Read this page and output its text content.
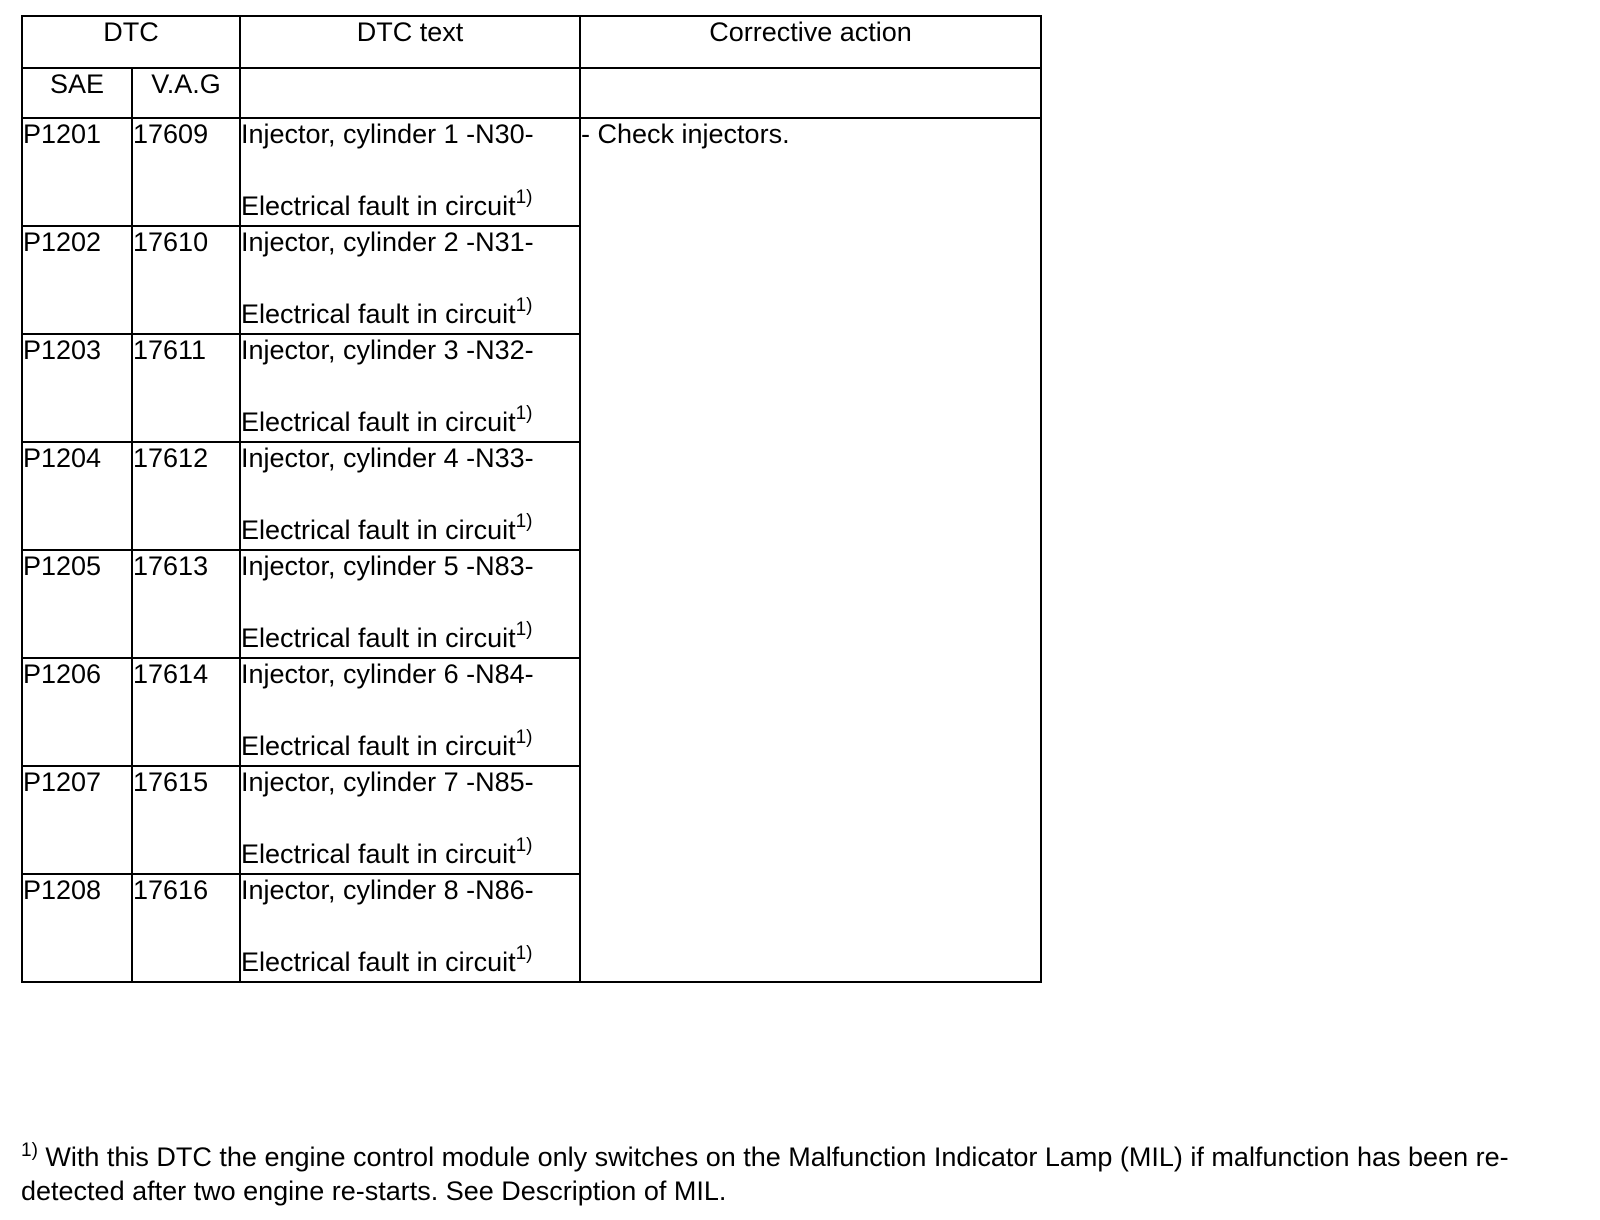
DTC		DTC text	Corrective action
SAE	V.A.G		
P1201	17609	Injector, cylinder 1 -N30-
Electrical fault in circuit$^{1)}$	- Check injectors.
P1202	17610	Injector, cylinder 2 -N31-
Electrical fault in circuit$^{1)}$

P1203	17611	Injector, cylinder 3 -N32-
Electrical fault in circuit$^{1)}$

P1204	17612	Injector, cylinder 4 -N33-
Electrical fault in circuit$^{1)}$

P1205	17613	Injector, cylinder 5 -N83-
Electrical fault in circuit$^{1)}$

P1206	17614	Injector, cylinder 6 -N84-
Electrical fault in circuit$^{1)}$

P1207	17615	Injector, cylinder 7 -N85-
Electrical fault in circuit$^{1)}$

P1208	17616	Injector, cylinder 8 -N86-
Electrical fault in circuit$^{1)}$
$^{1)}$ With this DTC the engine control module only switches on the Malfunction Indicator Lamp (MIL) if malfunction has been re-detected after two engine re-starts. See Description of MIL.
